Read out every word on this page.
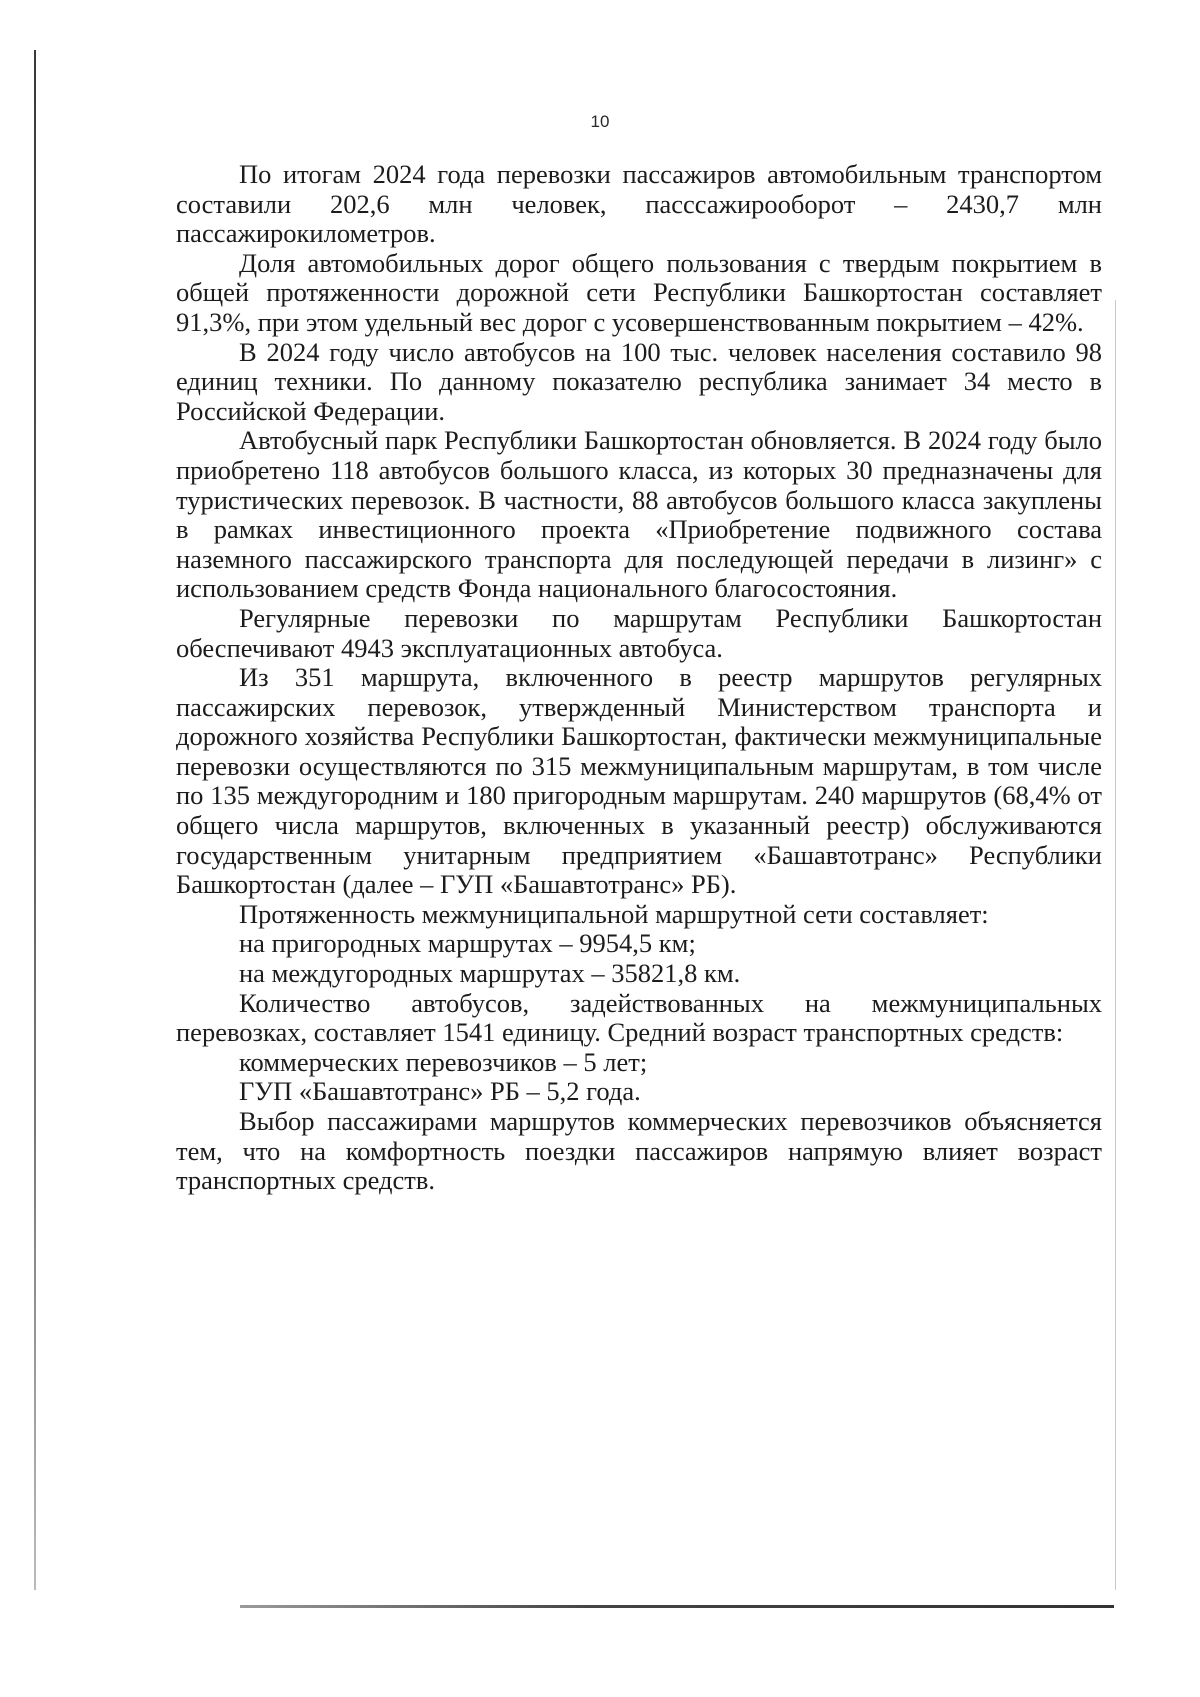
10

По итогам 2024 года перевозки пассажиров автомобильным транспортом составили 202,6 млн человек, пасссажирооборот – 2430,7 млн пассажирокилометров.

Доля автомобильных дорог общего пользования с твердым покрытием в общей протяженности дорожной сети Республики Башкортостан составляет 91,3%, при этом удельный вес дорог с усовершенствованным покрытием – 42%.

В 2024 году число автобусов на 100 тыс. человек населения составило 98 единиц техники. По данному показателю республика занимает 34 место в Российской Федерации.

Автобусный парк Республики Башкортостан обновляется. В 2024 году было приобретено 118 автобусов большого класса, из которых 30 предназначены для туристических перевозок. В частности, 88 автобусов большого класса закуплены в рамках инвестиционного проекта «Приобретение подвижного состава наземного пассажирского транспорта для последующей передачи в лизинг» с использованием средств Фонда национального благосостояния.

Регулярные перевозки по маршрутам Республики Башкортостан обеспечивают 4943 эксплуатационных автобуса.

Из 351 маршрута, включенного в реестр маршрутов регулярных пассажирских перевозок, утвержденный Министерством транспорта и дорожного хозяйства Республики Башкортостан, фактически межмуниципальные перевозки осуществляются по 315 межмуниципальным маршрутам, в том числе по 135 междугородним и 180 пригородным маршрутам. 240 маршрутов (68,4% от общего числа маршрутов, включенных в указанный реестр) обслуживаются государственным унитарным предприятием «Башавтотранс» Республики Башкортостан (далее – ГУП «Башавтотранс» РБ).

Протяженность межмуниципальной маршрутной сети составляет:

на пригородных маршрутах – 9954,5 км;

на междугородных маршрутах – 35821,8 км.

Количество автобусов, задействованных на межмуниципальных перевозках, составляет 1541 единицу. Средний возраст транспортных средств:

коммерческих перевозчиков – 5 лет;

ГУП «Башавтотранс» РБ – 5,2 года.

Выбор пассажирами маршрутов коммерческих перевозчиков объясняется тем, что на комфортность поездки пассажиров напрямую влияет возраст транспортных средств.
